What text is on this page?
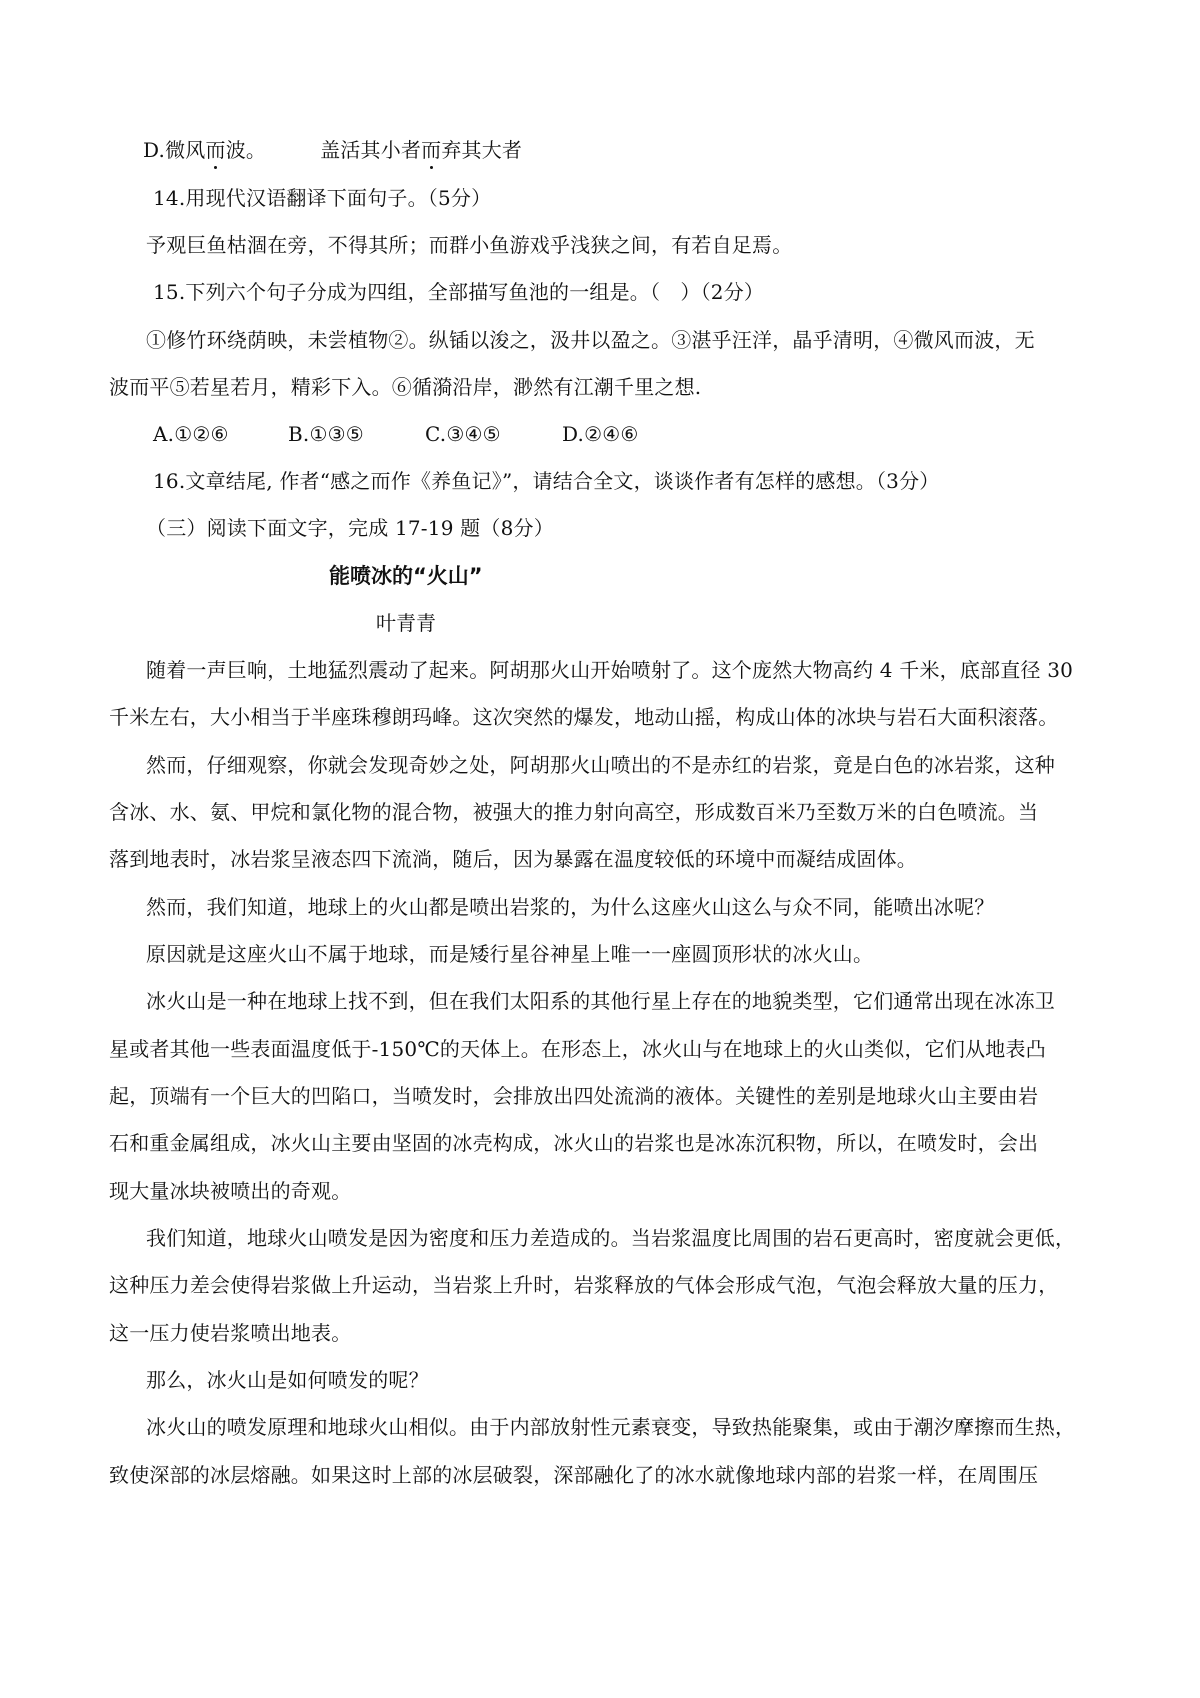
D.微风而波。	盖活其小者而弃其大者
14.用现代汉语翻译下面句子。（5分）
予观巨鱼枯涸在旁，不得其所；而群小鱼游戏乎浅狭之间，有若自足焉。
15.下列六个句子分成为四组，全部描写鱼池的一组是。（　）（2分）
①修竹环绕荫映，未尝植物②。纵锸以浚之，汲井以盈之。③湛乎汪洋，晶乎清明，④微风而波，无
波而平⑤若星若月，精彩下入。⑥循漪沿岸，渺然有江潮千里之想.
A.①②⑥	B.①③⑤	C.③④⑤	D.②④⑥
16.文章结尾, 作者“感之而作《养鱼记》”，请结合全文，谈谈作者有怎样的感想。（3分）
（三）阅读下面文字，完成 17-19 题（8分）
能喷冰的“火山”
叶青青
随着一声巨响，土地猛烈震动了起来。阿胡那火山开始喷射了。这个庞然大物高约 4 千米，底部直径 30
千米左右，大小相当于半座珠穆朗玛峰。这次突然的爆发，地动山摇，构成山体的冰块与岩石大面积滚落。
然而，仔细观察，你就会发现奇妙之处，阿胡那火山喷出的不是赤红的岩浆，竟是白色的冰岩浆，这种
含冰、水、氨、甲烷和氯化物的混合物，被强大的推力射向高空，形成数百米乃至数万米的白色喷流。当
落到地表时，冰岩浆呈液态四下流淌，随后，因为暴露在温度较低的环境中而凝结成固体。
然而，我们知道，地球上的火山都是喷出岩浆的，为什么这座火山这么与众不同，能喷出冰呢？
原因就是这座火山不属于地球，而是矮行星谷神星上唯一一座圆顶形状的冰火山。
冰火山是一种在地球上找不到，但在我们太阳系的其他行星上存在的地貌类型，它们通常出现在冰冻卫
星或者其他一些表面温度低于-150℃的天体上。在形态上，冰火山与在地球上的火山类似，它们从地表凸
起，顶端有一个巨大的凹陷口，当喷发时，会排放出四处流淌的液体。关键性的差别是地球火山主要由岩
石和重金属组成，冰火山主要由坚固的冰壳构成，冰火山的岩浆也是冰冻沉积物，所以，在喷发时，会出
现大量冰块被喷出的奇观。
我们知道，地球火山喷发是因为密度和压力差造成的。当岩浆温度比周围的岩石更高时，密度就会更低，
这种压力差会使得岩浆做上升运动，当岩浆上升时，岩浆释放的气体会形成气泡，气泡会释放大量的压力，
这一压力使岩浆喷出地表。
那么，冰火山是如何喷发的呢？
冰火山的喷发原理和地球火山相似。由于内部放射性元素衰变，导致热能聚集，或由于潮汐摩擦而生热，
致使深部的冰层熔融。如果这时上部的冰层破裂，深部融化了的冰水就像地球内部的岩浆一样，在周围压
